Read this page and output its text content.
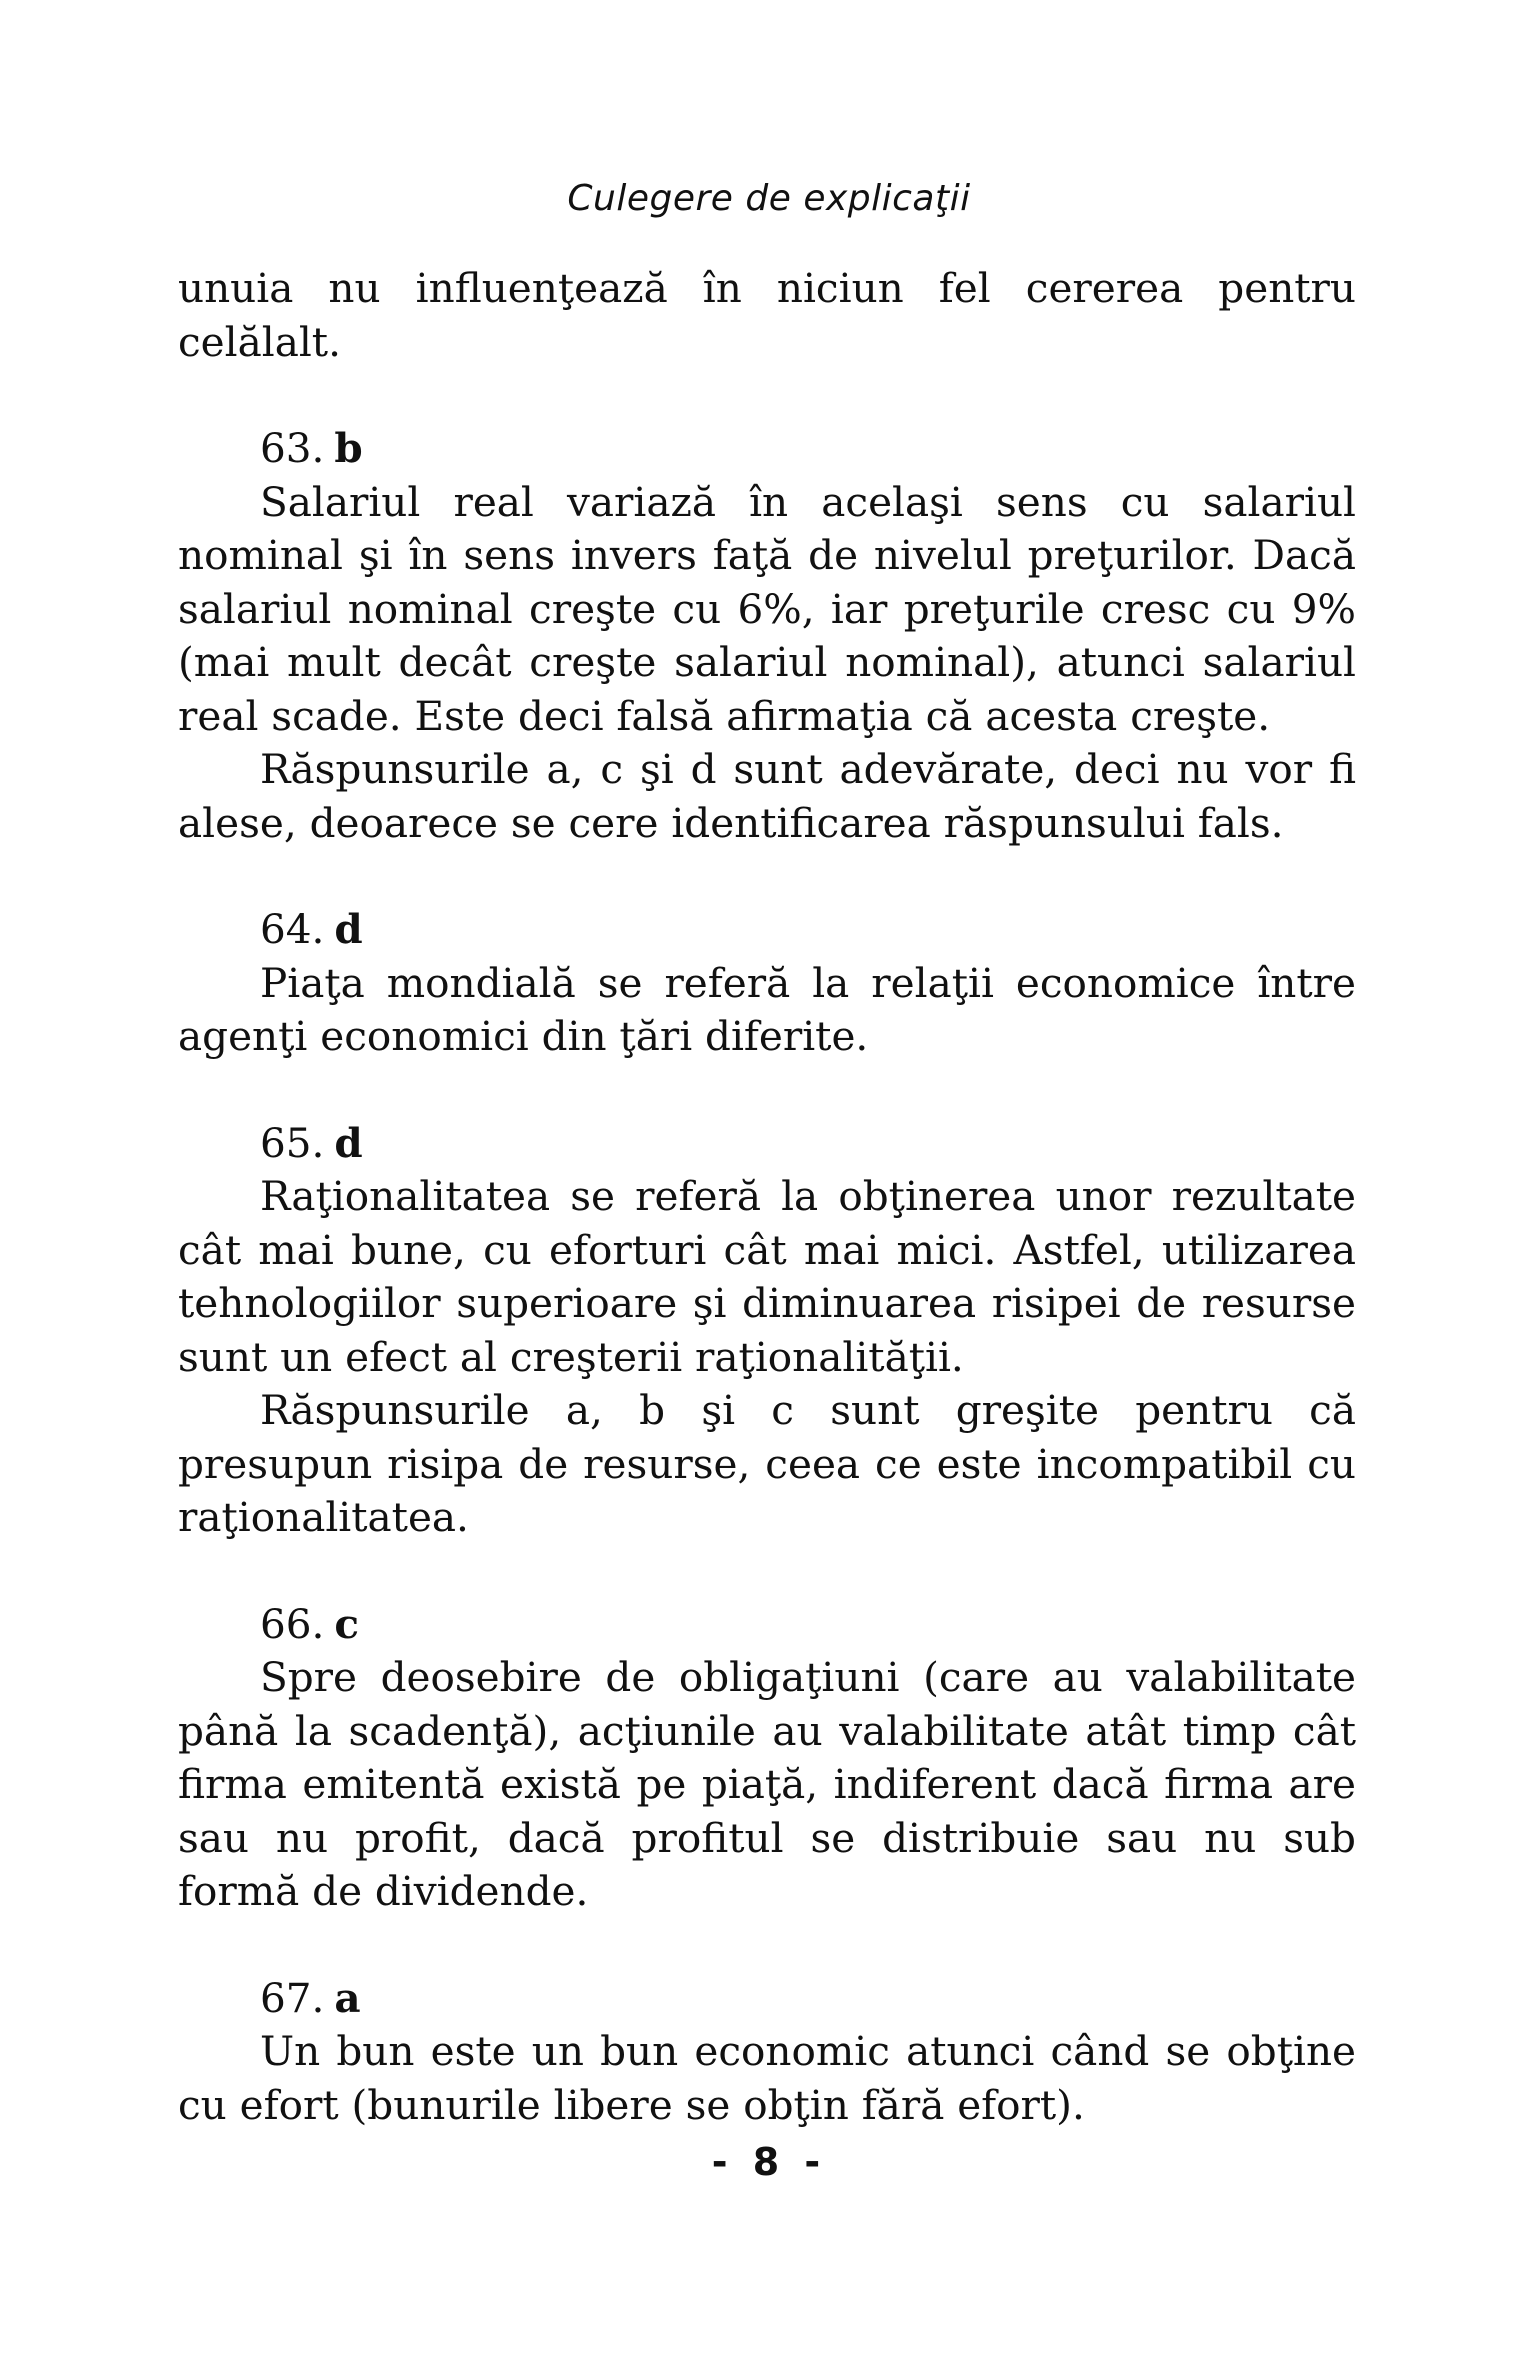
Culegere de explicaţii

unuia nu influenţează în niciun fel cererea pentru celălalt.

63. b

Salariul real variază în acelaşi sens cu salariul nominal şi în sens invers faţă de nivelul preţurilor. Dacă salariul nominal creşte cu 6%, iar preţurile cresc cu 9% (mai mult decât creşte salariul nominal), atunci salariul real scade. Este deci falsă afirmaţia că acesta creşte.

Răspunsurile a, c şi d sunt adevărate, deci nu vor fi alese, deoarece se cere identificarea răspunsului fals.

64. d

Piaţa mondială se referă la relaţii economice între agenţi economici din ţări diferite.

65. d

Raţionalitatea se referă la obţinerea unor rezultate cât mai bune, cu eforturi cât mai mici. Astfel, utilizarea tehnologiilor superioare şi diminuarea risipei de resurse sunt un efect al creşterii raţionalităţii.

Răspunsurile a, b şi c sunt greşite pentru că presupun risipa de resurse, ceea ce este incompatibil cu raţionalitatea.

66. c

Spre deosebire de obligaţiuni (care au valabilitate până la scadenţă), acţiunile au valabilitate atât timp cât firma emitentă există pe piaţă, indiferent dacă firma are sau nu profit, dacă profitul se distribuie sau nu sub formă de dividende.

67. a

Un bun este un bun economic atunci când se obţine cu efort (bunurile libere se obţin fără efort).

- 8 -
